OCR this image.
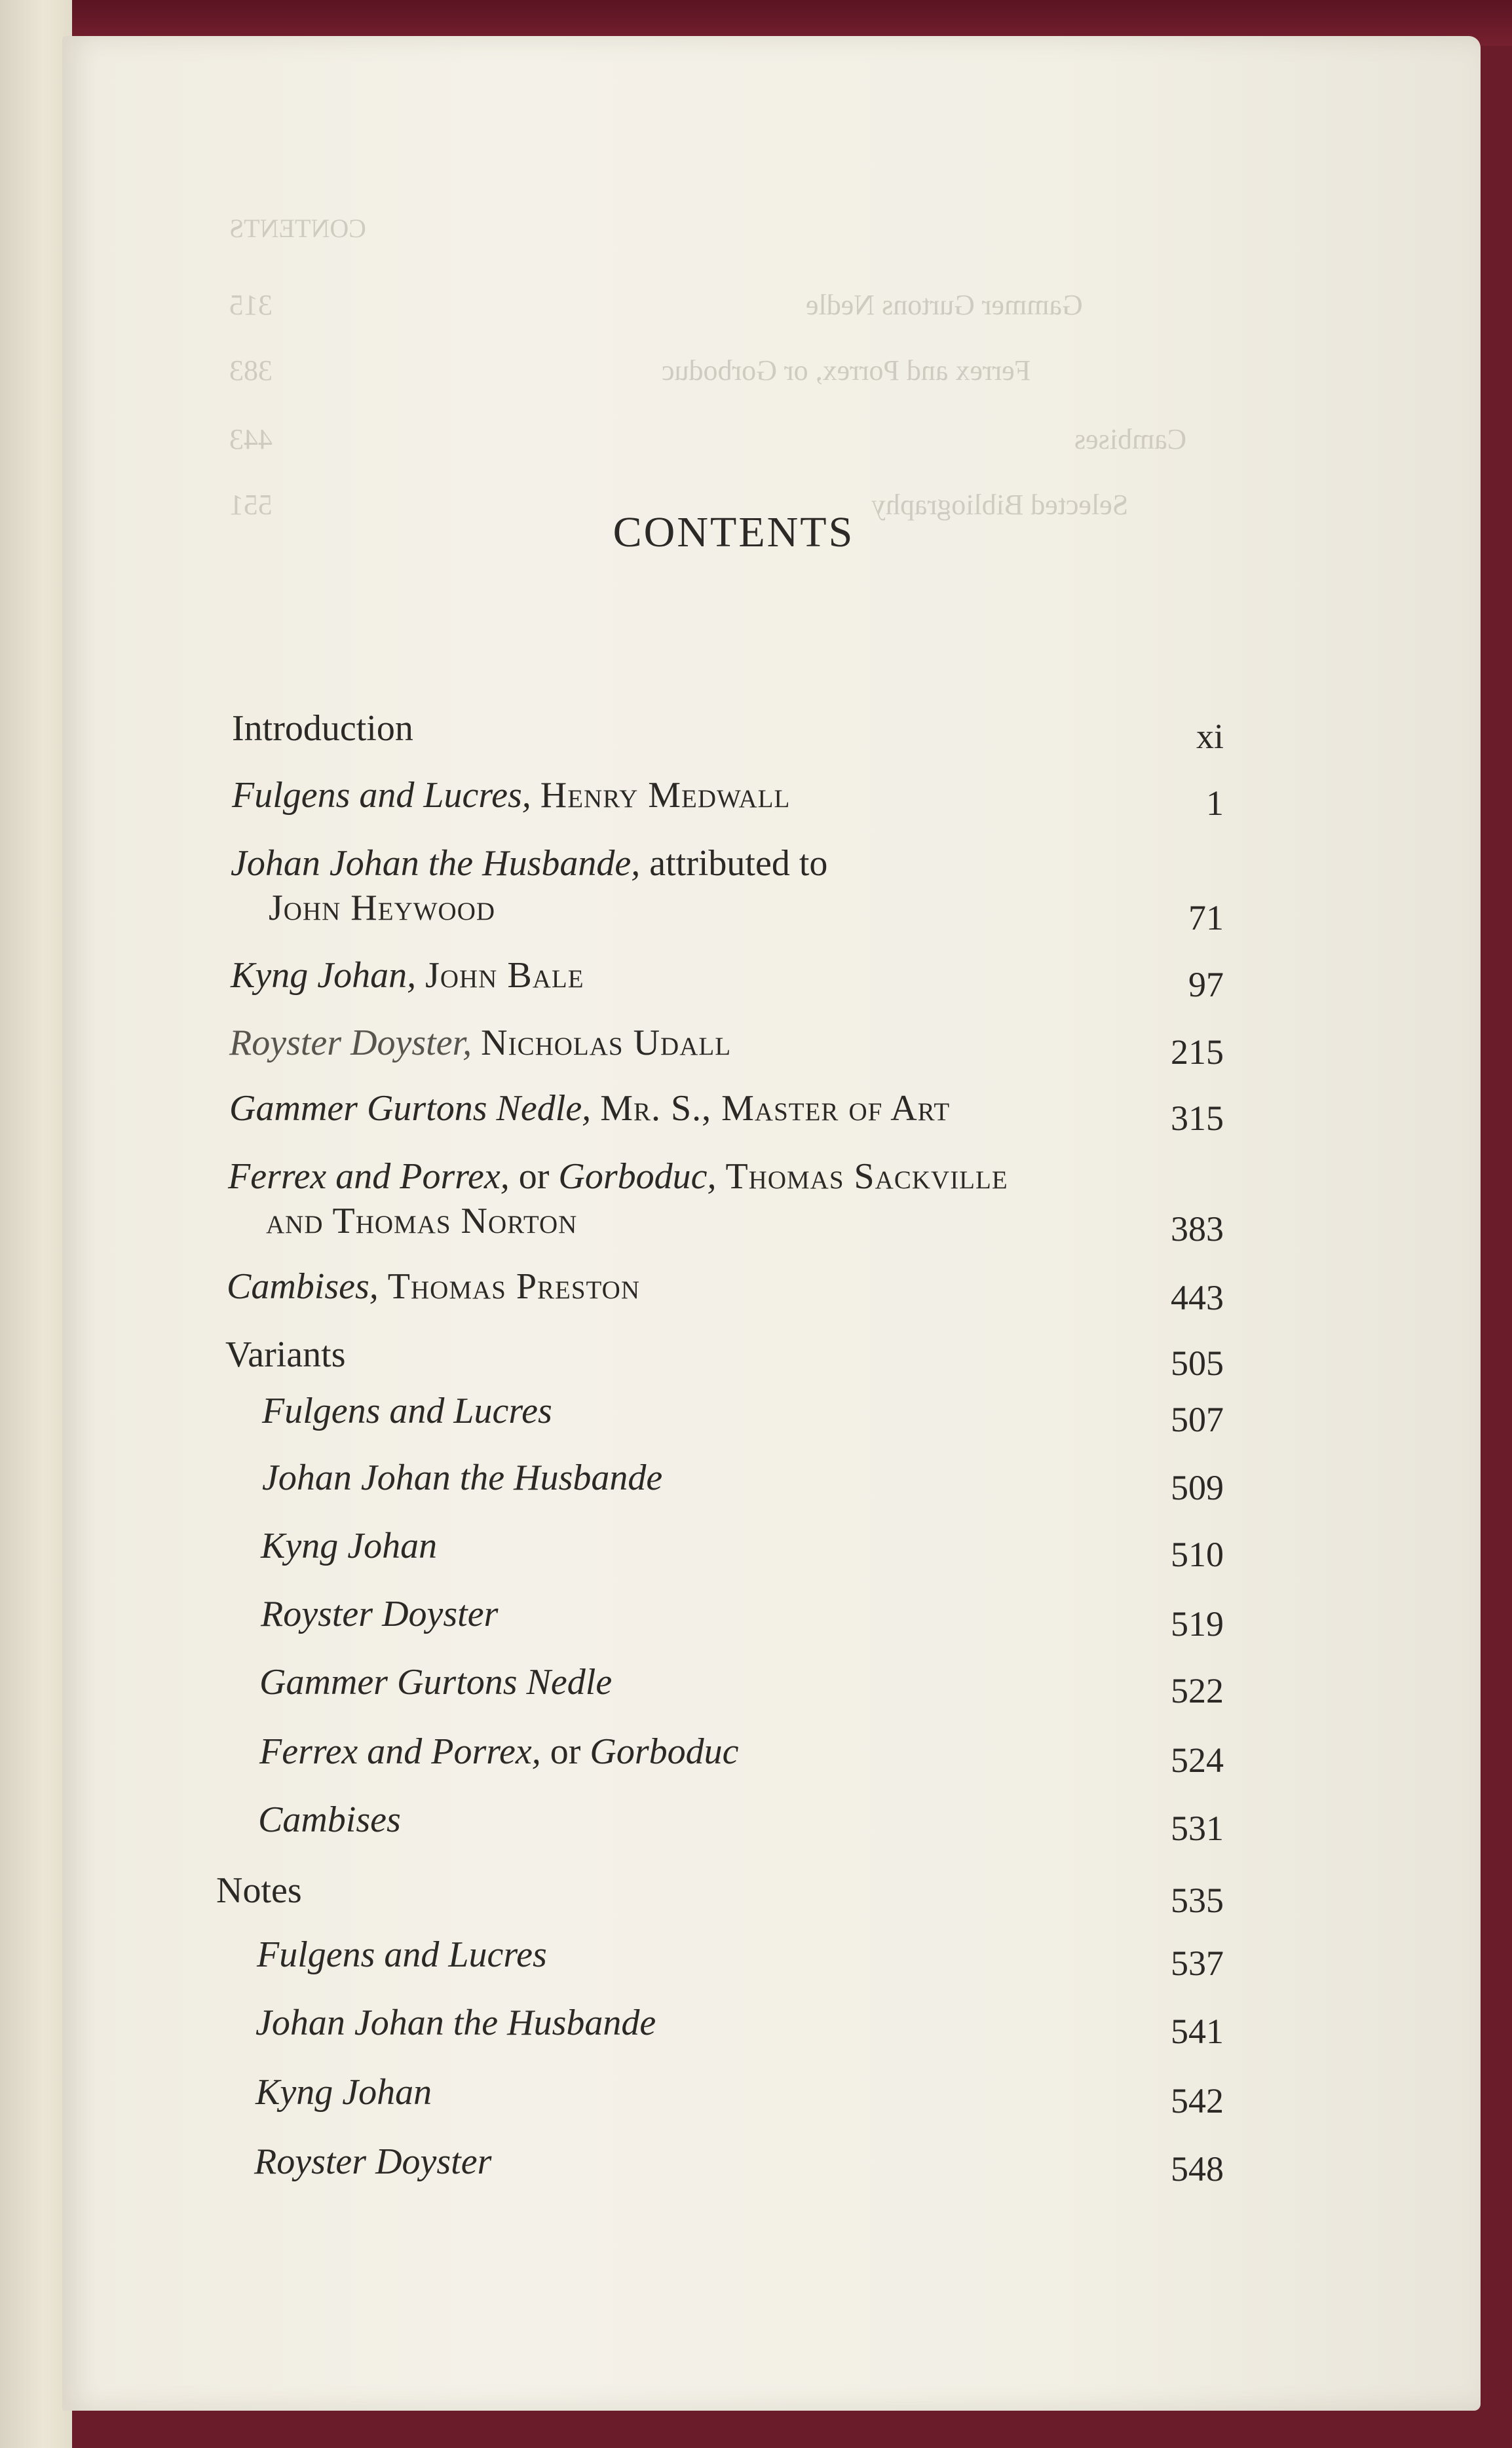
CONTENTS
Gammer Gurtons Nedle
315
Ferrex and Porrex, or Gorboduc
383
Cambises
443
Selected Bibliography
551
CONTENTS
Introduction	xi
Fulgens and Lucres, Henry Medwall	1
Johan Johan the Husbande, attributed to
John Heywood	71
Kyng Johan, John Bale	97
Royster Doyster, Nicholas Udall	215
Gammer Gurtons Nedle, Mr. S., Master of Art	315
Ferrex and Porrex, or Gorboduc, Thomas Sackville
and Thomas Norton	383
Cambises, Thomas Preston	443
Variants	505
Fulgens and Lucres	507
Johan Johan the Husbande	509
Kyng Johan	510
Royster Doyster	519
Gammer Gurtons Nedle	522
Ferrex and Porrex, or Gorboduc	524
Cambises	531
Notes	535
Fulgens and Lucres	537
Johan Johan the Husbande	541
Kyng Johan	542
Royster Doyster	548
